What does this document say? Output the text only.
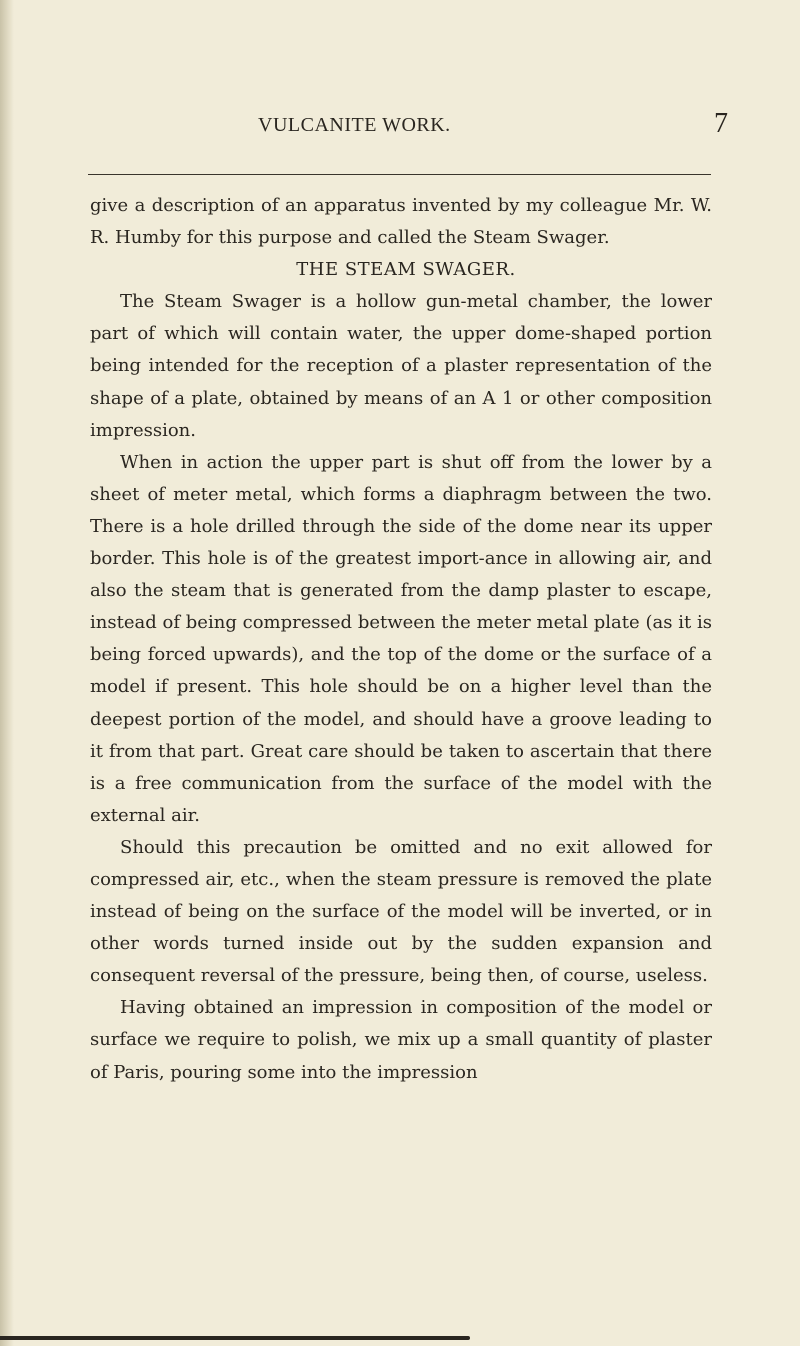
VULCANITE WORK.	7

give a description of an apparatus invented by my colleague Mr. W. R. Humby for this purpose and called the Steam Swager.

THE STEAM SWAGER.

The Steam Swager is a hollow gun-metal chamber, the lower part of which will contain water, the upper dome-shaped portion being intended for the reception of a plaster representation of the shape of a plate, obtained by means of an A 1 or other composition impression.

When in action the upper part is shut off from the lower by a sheet of meter metal, which forms a diaphragm between the two. There is a hole drilled through the side of the dome near its upper border. This hole is of the greatest import-ance in allowing air, and also the steam that is generated from the damp plaster to escape, instead of being compressed between the meter metal plate (as it is being forced upwards), and the top of the dome or the surface of a model if present. This hole should be on a higher level than the deepest portion of the model, and should have a groove leading to it from that part. Great care should be taken to ascertain that there is a free communication from the surface of the model with the external air.

Should this precaution be omitted and no exit allowed for compressed air, etc., when the steam pressure is removed the plate instead of being on the surface of the model will be inverted, or in other words turned inside out by the sudden expansion and consequent reversal of the pressure, being then, of course, useless.

Having obtained an impression in composition of the model or surface we require to polish, we mix up a small quantity of plaster of Paris, pouring some into the impression
